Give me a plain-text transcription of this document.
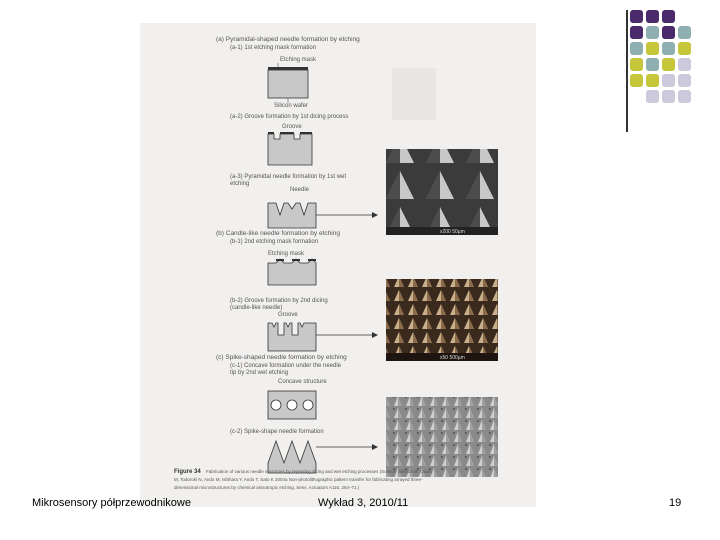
(a) Pyramidal-shaped needle formation by etching
(a-1) 1st etching mask formation
Etching mask
Silicon wafer
(a-2) Groove formation by 1st dicing process
Groove
(a-3) Pyramidal needle formation by 1st wet
etching
Needle
x200 50µm
(b) Candle-like needle formation by etching
(b-1) 2nd etching mask formation
Etching mask
(b-2) Groove formation by 2nd dicing
(candle-like needle)
Groove
x50 500µm
(c) Spike-shaped needle formation by etching
(c-1) Concave formation under the needle
tip by 2nd wet etching
Concave structure
(c-2) Spike-shape needle formation
Figure 34 Fabrication of various needle structures by repeating dicing and wet etching processes (Source: Shikida M, Ozaki
M, Todoroki N, Ando M, Ishihara Y, Ando T, Sato K 2004a Non-photolithographic pattern transfer for fabricating arrayed three-
dimensional microstructures by chemical anisotropic etching, Sens. Actuators A116, 264–71.)
Mikrosensory półprzewodnikowe	Wykład 3, 2010/11	19
